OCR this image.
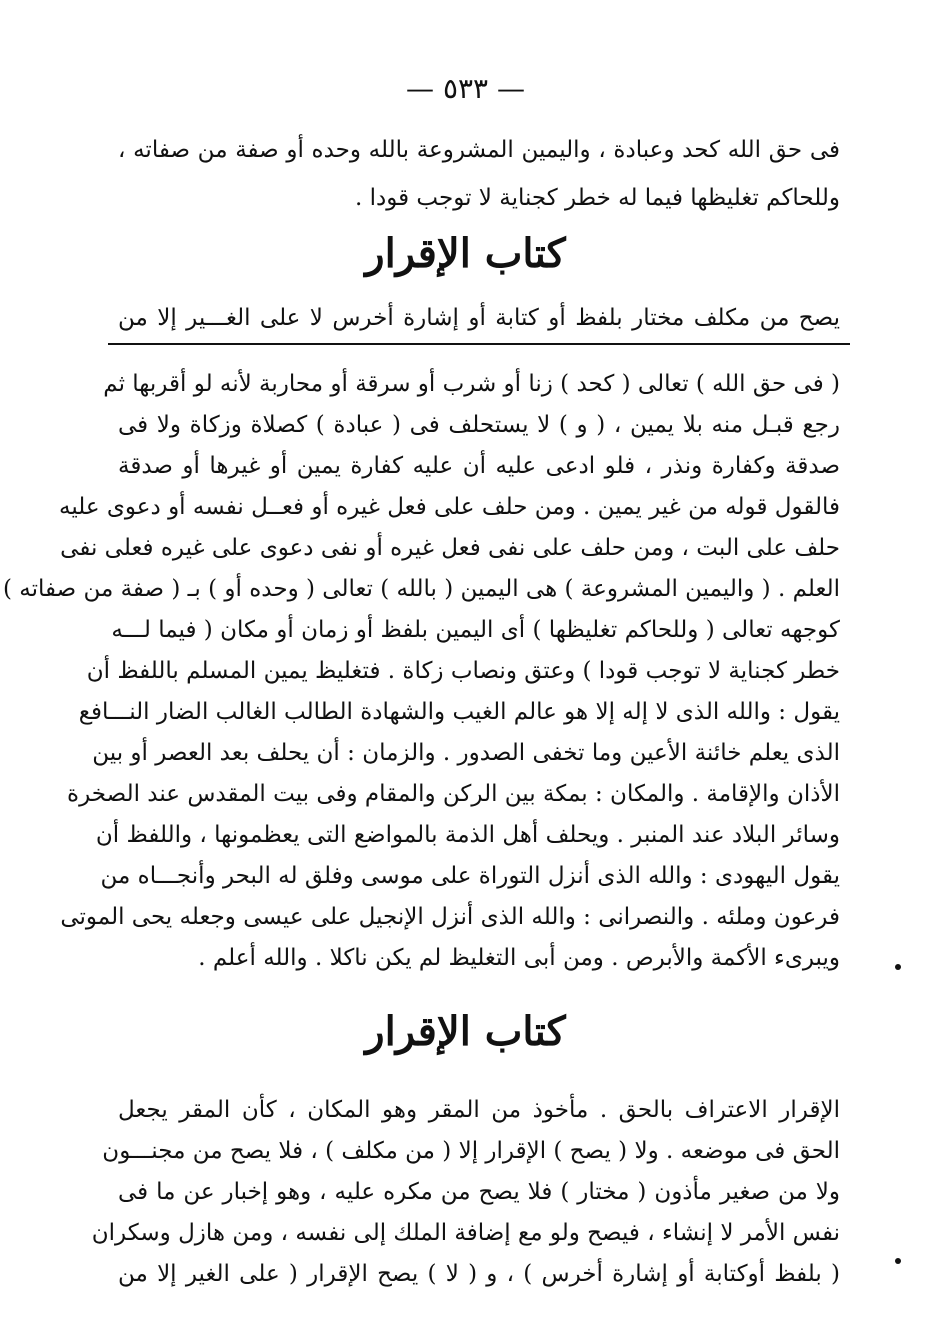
— ٥٣٣ —
فى حق الله كحد وعبادة ، واليمين المشروعة بالله وحده أو صفة من صفاته ،
وللحاكم تغليظها فيما له خطر كجناية لا توجب قودا .
كتاب الإقرار
يصح من مكلف مختار بلفظ أو كتابة أو إشارة أخرس لا على الغـــير إلا من
( فى حق الله ) تعالى ( كحد ) زنا أو شرب أو سرقة أو محاربة لأنه لو أقربها ثم
رجع قبـل منه بلا يمين ، ( و ) لا يستحلف فى ( عبادة ) كصلاة وزكاة ولا فى
صدقة وكفارة ونذر ، فلو ادعى عليه أن عليه كفارة يمين أو غيرها أو صدقة
فالقول قوله من غير يمين . ومن حلف على فعل غيره أو فعــل نفسه أو دعوى عليه
حلف على البت ، ومن حلف على نفى فعل غيره أو نفى دعوى على غيره فعلى نفى
العلم . ( واليمين المشروعة ) هى اليمين ( بالله ) تعالى ( وحده أو ) بـ ( صفة من صفاته )
كوجهه تعالى ( وللحاكم تغليظها ) أى اليمين بلفظ أو زمان أو مكان ( فيما لـــه
خطر كجناية لا توجب قودا ) وعتق ونصاب زكاة . فتغليظ يمين المسلم باللفظ أن
يقول : والله الذى لا إله إلا هو عالم الغيب والشهادة الطالب الغالب الضار النـــافع
الذى يعلم خائنة الأعين وما تخفى الصدور . والزمان : أن يحلف بعد العصر أو بين
الأذان والإقامة . والمكان : بمكة بين الركن والمقام وفى بيت المقدس عند الصخرة
وسائر البلاد عند المنبر . ويحلف أهل الذمة بالمواضع التى يعظمونها ، واللفظ أن
يقول اليهودى : والله الذى أنزل التوراة على موسى وفلق له البحر وأنجـــاه من
فرعون وملئه . والنصرانى : والله الذى أنزل الإنجيل على عيسى وجعله يحى الموتى
ويبرىء الأكمة والأبرص . ومن أبى التغليظ لم يكن ناكلا . والله أعلم .
كتاب الإقرار
الإقرار الاعتراف بالحق . مأخوذ من المقر وهو المكان ، كأن المقر يجعل
الحق فى موضعه . ولا ( يصح ) الإقرار إلا ( من مكلف ) ، فلا يصح من مجنـــون
ولا من صغير مأذون ( مختار ) فلا يصح من مكره عليه ، وهو إخبار عن ما فى
نفس الأمر لا إنشاء ، فيصح ولو مع إضافة الملك إلى نفسه ، ومن هازل وسكران
( بلفظ أوكتابة أو إشارة أخرس ) ، و ( لا ) يصح الإقرار ( على الغير إلا من
